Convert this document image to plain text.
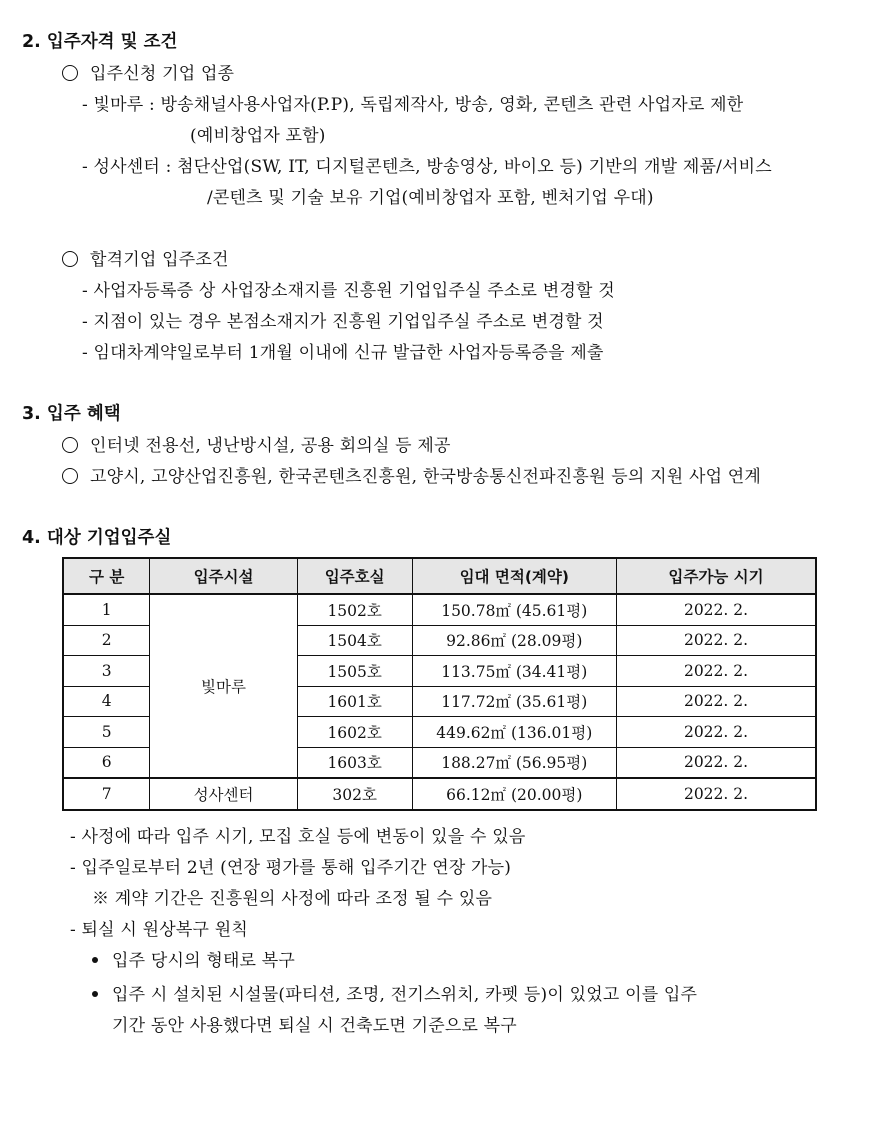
2. 입주자격 및 조건
입주신청 기업 업종
- 빛마루 : 방송채널사용사업자(P.P), 독립제작사, 방송, 영화, 콘텐츠 관련 사업자로 제한
(예비창업자 포함)
- 성사센터 : 첨단산업(SW, IT, 디지털콘텐츠, 방송영상, 바이오 등) 기반의 개발 제품/서비스
/콘텐츠 및 기술 보유 기업(예비창업자 포함, 벤처기업 우대)
합격기업 입주조건
- 사업자등록증 상 사업장소재지를 진흥원 기업입주실 주소로 변경할 것
- 지점이 있는 경우 본점소재지가 진흥원 기업입주실 주소로 변경할 것
- 임대차계약일로부터 1개월 이내에 신규 발급한 사업자등록증을 제출
3. 입주 혜택
인터넷 전용선, 냉난방시설, 공용 회의실 등 제공
고양시, 고양산업진흥원, 한국콘텐츠진흥원, 한국방송통신전파진흥원 등의 지원 사업 연계
4. 대상 기업입주실
구 분	입주시설	입주호실	임대 면적(계약)	입주가능 시기
1	빛마루	1502호	150.78㎡ (45.61평)	2022. 2.
2		1504호	92.86㎡ (28.09평)	2022. 2.
3		1505호	113.75㎡ (34.41평)	2022. 2.
4		1601호	117.72㎡ (35.61평)	2022. 2.
5		1602호	449.62㎡ (136.01평)	2022. 2.
6		1603호	188.27㎡ (56.95평)	2022. 2.
7	성사센터	302호	66.12㎡ (20.00평)	2022. 2.
- 사정에 따라 입주 시기, 모집 호실 등에 변동이 있을 수 있음
- 입주일로부터 2년 (연장 평가를 통해 입주기간 연장 가능)
※ 계약 기간은 진흥원의 사정에 따라 조정 될 수 있음
- 퇴실 시 원상복구 원칙
입주 당시의 형태로 복구
입주 시 설치된 시설물(파티션, 조명, 전기스위치, 카펫 등)이 있었고 이를 입주
기간 동안 사용했다면 퇴실 시 건축도면 기준으로 복구
